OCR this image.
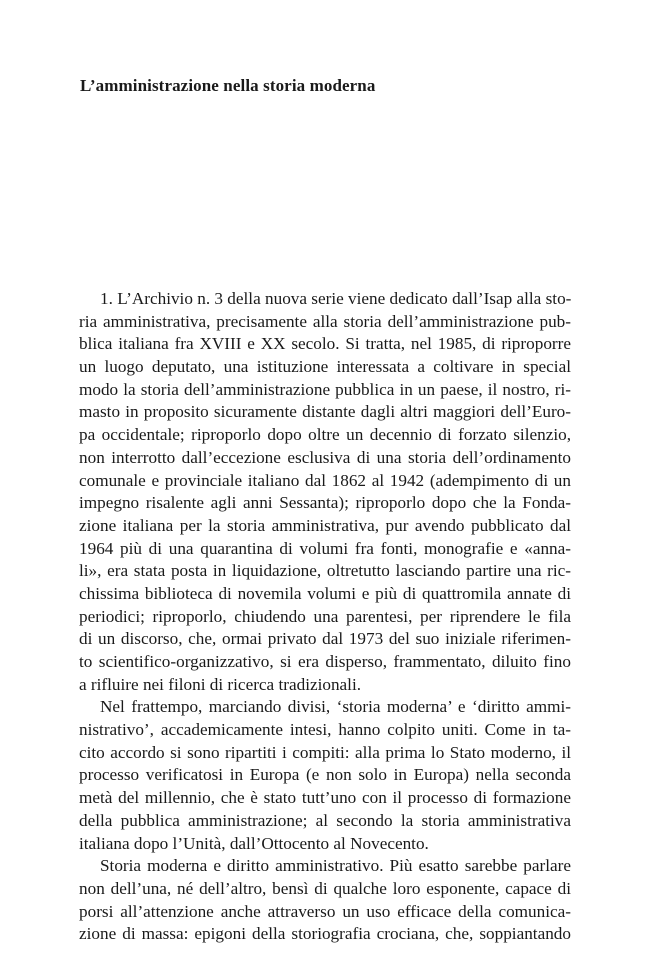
L’amministrazione nella storia moderna
1. L’Archivio n. 3 della nuova serie viene dedicato dall’Isap alla sto-
ria amministrativa, precisamente alla storia dell’amministrazione pub-
blica italiana fra XVIII e XX secolo. Si tratta, nel 1985, di riproporre
un luogo deputato, una istituzione interessata a coltivare in special
modo la storia dell’amministrazione pubblica in un paese, il nostro, ri-
masto in proposito sicuramente distante dagli altri maggiori dell’Euro-
pa occidentale; riproporlo dopo oltre un decennio di forzato silenzio,
non interrotto dall’eccezione esclusiva di una storia dell’ordinamento
comunale e provinciale italiano dal 1862 al 1942 (adempimento di un
impegno risalente agli anni Sessanta); riproporlo dopo che la Fonda-
zione italiana per la storia amministrativa, pur avendo pubblicato dal
1964 più di una quarantina di volumi fra fonti, monografie e «anna-
li», era stata posta in liquidazione, oltretutto lasciando partire una ric-
chissima biblioteca di novemila volumi e più di quattromila annate di
periodici; riproporlo, chiudendo una parentesi, per riprendere le fila
di un discorso, che, ormai privato dal 1973 del suo iniziale riferimen-
to scientifico-organizzativo, si era disperso, frammentato, diluito fino
a rifluire nei filoni di ricerca tradizionali.
Nel frattempo, marciando divisi, ‘storia moderna’ e ‘diritto ammi-
nistrativo’, accademicamente intesi, hanno colpito uniti. Come in ta-
cito accordo si sono ripartiti i compiti: alla prima lo Stato moderno, il
processo verificatosi in Europa (e non solo in Europa) nella seconda
metà del millennio, che è stato tutt’uno con il processo di formazione
della pubblica amministrazione; al secondo la storia amministrativa
italiana dopo l’Unità, dall’Ottocento al Novecento.
Storia moderna e diritto amministrativo. Più esatto sarebbe parlare
non dell’una, né dell’altro, bensì di qualche loro esponente, capace di
porsi all’attenzione anche attraverso un uso efficace della comunica-
zione di massa: epigoni della storiografia crociana, che, soppiantando
